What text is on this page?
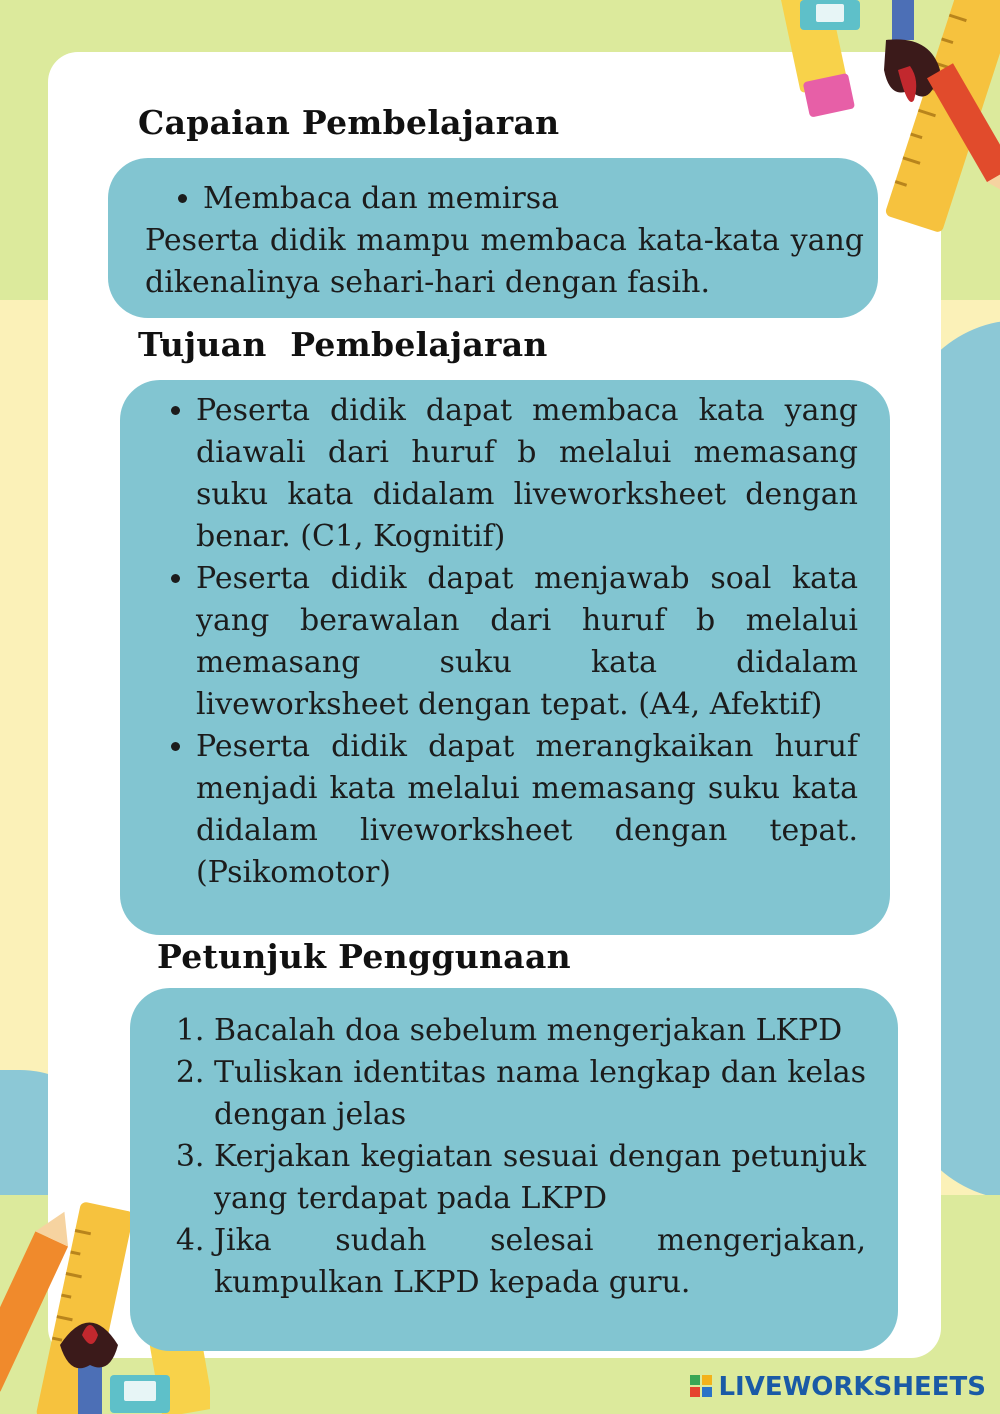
Capaian Pembelajaran
• Membaca dan memirsa
Peserta didik mampu membaca kata-kata yang dikenalinya sehari-hari dengan fasih.
Tujuan  Pembelajaran
• Peserta didik dapat membaca kata yang diawali dari huruf b melalui memasang suku kata didalam liveworksheet dengan benar. (C1, Kognitif)
• Peserta didik dapat menjawab soal kata yang berawalan dari huruf b melalui memasang suku kata didalam liveworksheet dengan tepat. (A4, Afektif)
• Peserta didik dapat merangkaikan huruf menjadi kata melalui memasang suku kata didalam liveworksheet dengan tepat. (Psikomotor)
Petunjuk Penggunaan
1. Bacalah doa sebelum mengerjakan LKPD
2. Tuliskan identitas nama lengkap dan kelas dengan jelas
3. Kerjakan kegiatan sesuai dengan petunjuk yang terdapat pada LKPD
4. Jika sudah selesai mengerjakan, kumpulkan LKPD kepada guru.
LIVEWORKSHEETS
